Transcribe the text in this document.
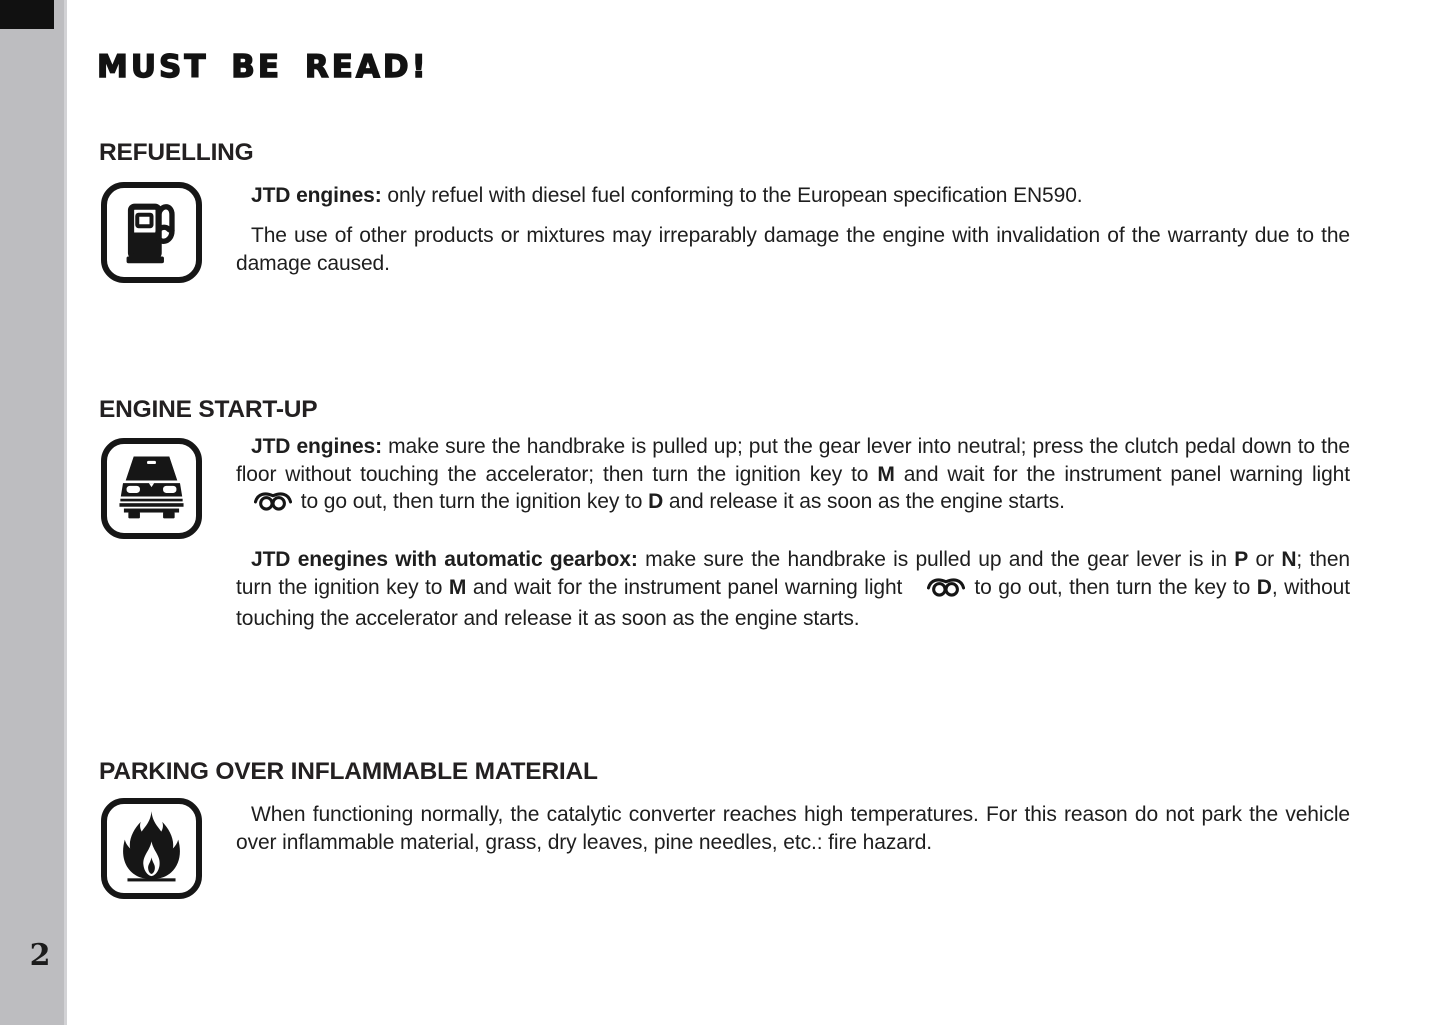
2
MUST BE READ!
REFUELLING
JTD engines: only refuel with diesel fuel conforming to the European specification EN590.
The use of other products or mixtures may irreparably damage the engine with invalidation of the warranty due to the damage caused.
ENGINE START-UP
JTD engines: make sure the handbrake is pulled up; put the gear lever into neutral; press the clutch pedal down to the floor without touching the accelerator; then turn the ignition key to M and wait for the instrument panel warning light  to go out, then turn the ignition key to D and release it as soon as the engine starts.
JTD enegines with automatic gearbox: make sure the handbrake is pulled up and the gear lever is in P or N; then turn the ignition key to M and wait for the instrument panel warning light	to go out, then turn the key to D, without touching the accelerator and release it as soon as the engine starts.
PARKING OVER INFLAMMABLE MATERIAL
When functioning normally, the catalytic converter reaches high temperatures. For this reason do not park the vehicle over inflammable material, grass, dry leaves, pine needles, etc.: fire hazard.
